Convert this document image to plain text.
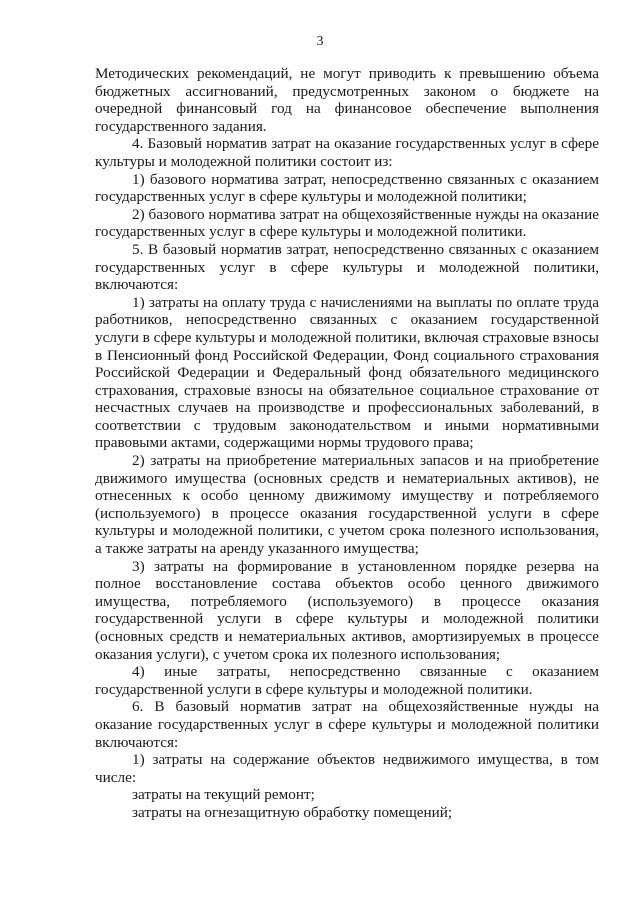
3

Методических рекомендаций, не могут приводить к превышению объема бюджетных ассигнований, предусмотренных законом о бюджете на очередной финансовый год на финансовое обеспечение выполнения государственного задания.

4. Базовый норматив затрат на оказание государственных услуг в сфере культуры и молодежной политики состоит из:

1) базового норматива затрат, непосредственно связанных с оказанием государственных услуг в сфере культуры и молодежной политики;

2) базового норматива затрат на общехозяйственные нужды на оказание государственных услуг в сфере культуры и молодежной политики.

5. В базовый норматив затрат, непосредственно связанных с оказанием государственных услуг в сфере культуры и молодежной политики, включаются:

1) затраты на оплату труда с начислениями на выплаты по оплате труда работников, непосредственно связанных с оказанием государственной услуги в сфере культуры и молодежной политики, включая страховые взносы в Пенсионный фонд Российской Федерации, Фонд социального страхования Российской Федерации и Федеральный фонд обязательного медицинского страхования, страховые взносы на обязательное социальное страхование от несчастных случаев на производстве и профессиональных заболеваний, в соответствии с трудовым законодательством и иными нормативными правовыми актами, содержащими нормы трудового права;

2) затраты на приобретение материальных запасов и на приобретение движимого имущества (основных средств и нематериальных активов), не отнесенных к особо ценному движимому имуществу и потребляемого (используемого) в процессе оказания государственной услуги в сфере культуры и молодежной политики, с учетом срока полезного использования, а также затраты на аренду указанного имущества;

3) затраты на формирование в установленном порядке резерва на полное восстановление состава объектов особо ценного движимого имущества, потребляемого (используемого) в процессе оказания государственной услуги в сфере культуры и молодежной политики (основных средств и нематериальных активов, амортизируемых в процессе оказания услуги), с учетом срока их полезного использования;

4) иные затраты, непосредственно связанные с оказанием государственной услуги в сфере культуры и молодежной политики.

6. В базовый норматив затрат на общехозяйственные нужды на оказание государственных услуг в сфере культуры и молодежной политики включаются:

1) затраты на содержание объектов недвижимого имущества, в том числе:

затраты на текущий ремонт;

затраты на огнезащитную обработку помещений;
